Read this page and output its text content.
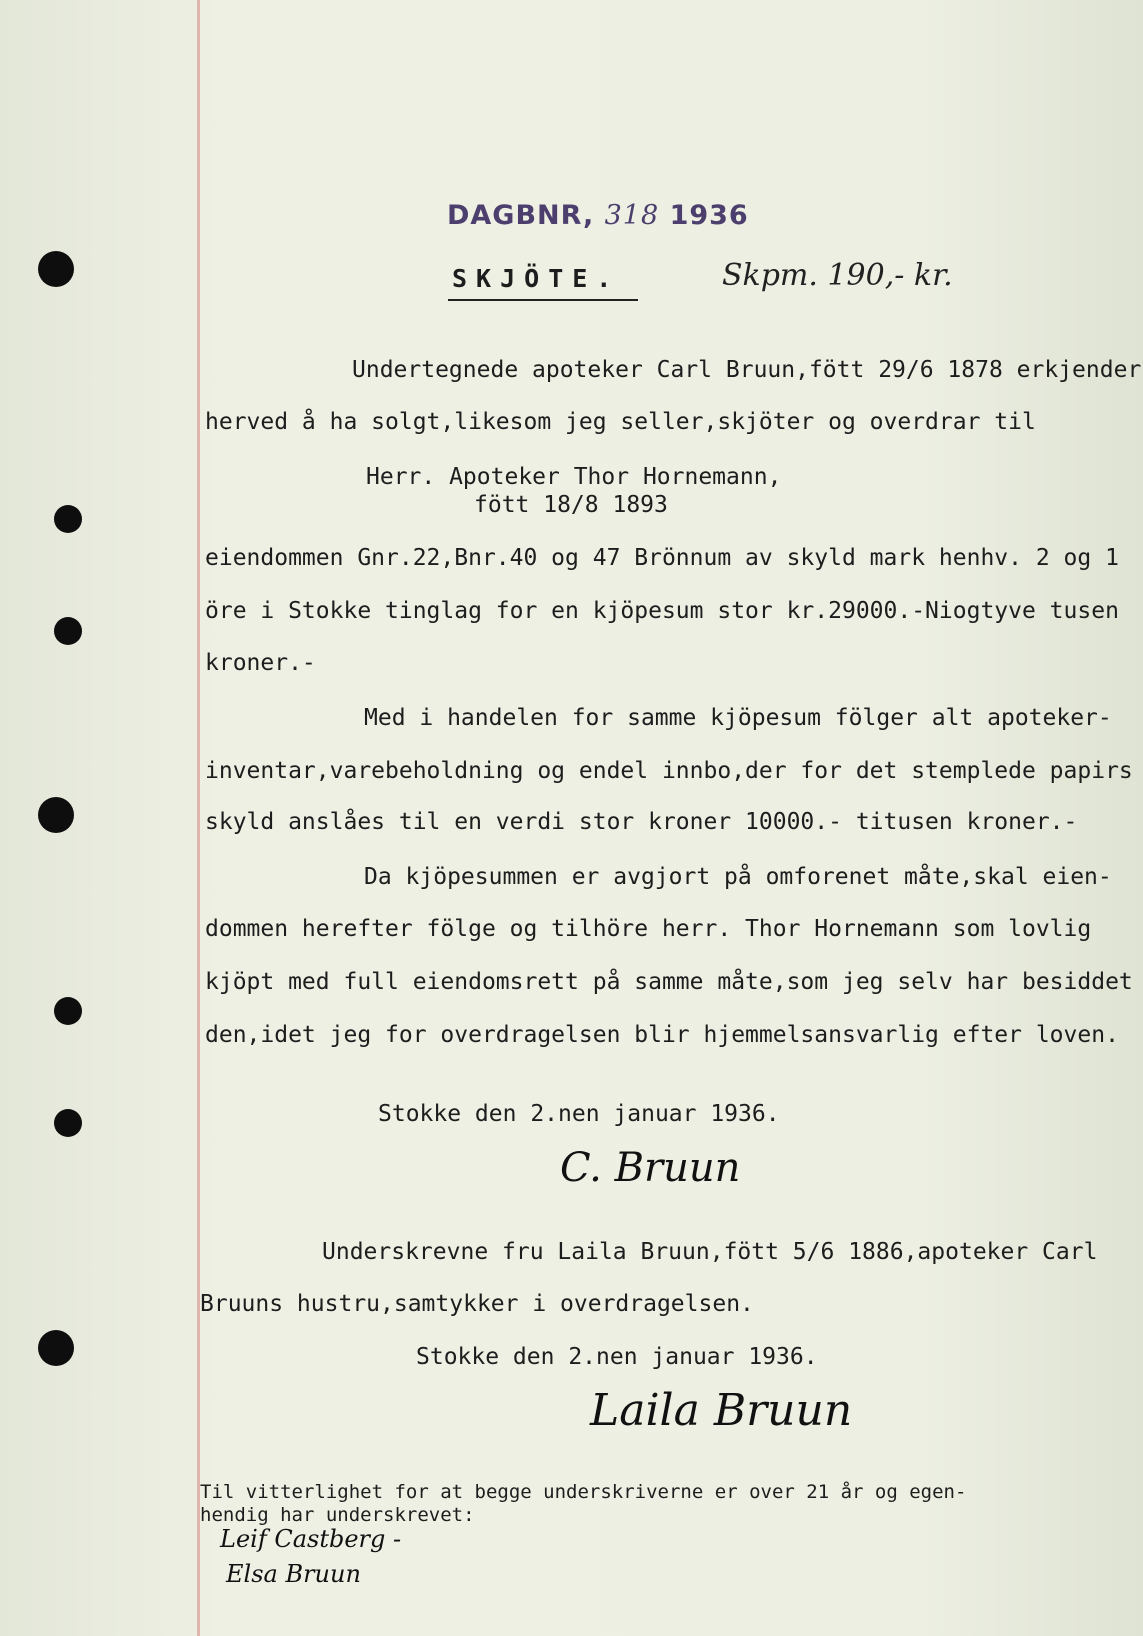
DAGBNR, 318 1936
SKJÖTE.	Skpm. 190,- kr.
Undertegnede apoteker Carl Bruun,fött 29/6 1878 erkjender
herved å ha solgt,likesom jeg seller,skjöter og overdrar til
Herr. Apoteker Thor Hornemann,
fött 18/8 1893
eiendommen Gnr.22,Bnr.40 og 47 Brönnum av skyld mark henhv. 2 og 1
öre i Stokke tinglag for en kjöpesum stor kr.29000.-Niogtyve tusen
kroner.-
Med i handelen for samme kjöpesum fölger alt apoteker-
inventar,varebeholdning og endel innbo,der for det stemplede papirs
skyld anslåes til en verdi stor kroner 10000.- titusen kroner.-
Da kjöpesummen er avgjort på omforenet måte,skal eien-
dommen herefter fölge og tilhöre herr. Thor Hornemann som lovlig
kjöpt med full eiendomsrett på samme måte,som jeg selv har besiddet
den,idet jeg for overdragelsen blir hjemmelsansvarlig efter loven.
Stokke den 2.nen januar 1936.
C. Bruun
Underskrevne fru Laila Bruun,fött 5/6 1886,apoteker Carl
Bruuns hustru,samtykker i overdragelsen.
Stokke den 2.nen januar 1936.
Laila Bruun
Til vitterlighet for at begge underskriverne er over 21 år og egen-
hendig har underskrevet:
Leif Castberg -
Elsa Bruun
